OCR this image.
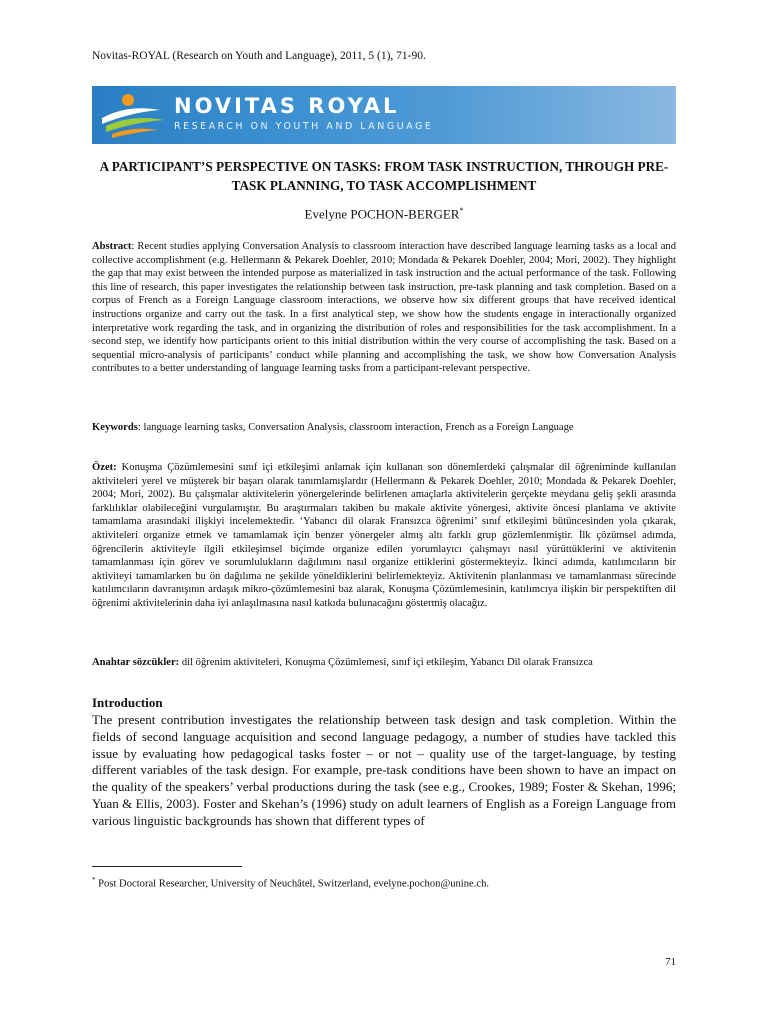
Novitas-ROYAL (Research on Youth and Language), 2011, 5 (1), 71-90.
NOVITAS ROYAL
RESEARCH ON YOUTH AND LANGUAGE
A PARTICIPANT’S PERSPECTIVE ON TASKS: FROM TASK INSTRUCTION, THROUGH PRE-TASK PLANNING, TO TASK ACCOMPLISHMENT
Evelyne POCHON-BERGER*
Abstract: Recent studies applying Conversation Analysis to classroom interaction have described language learning tasks as a local and collective accomplishment (e.g. Hellermann & Pekarek Doehler, 2010; Mondada & Pekarek Doehler, 2004; Mori, 2002). They highlight the gap that may exist between the intended purpose as materialized in task instruction and the actual performance of the task. Following this line of research, this paper investigates the relationship between task instruction, pre-task planning and task completion. Based on a corpus of French as a Foreign Language classroom interactions, we observe how six different groups that have received identical instructions organize and carry out the task. In a first analytical step, we show how the students engage in interactionally organized interpretative work regarding the task, and in organizing the distribution of roles and responsibilities for the task accomplishment. In a second step, we identify how participants orient to this initial distribution within the very course of accomplishing the task. Based on a sequential micro-analysis of participants’ conduct while planning and accomplishing the task, we show how Conversation Analysis contributes to a better understanding of language learning tasks from a participant-relevant perspective.
Keywords: language learning tasks, Conversation Analysis, classroom interaction, French as a Foreign Language
Özet: Konuşma Çözümlemesini sınıf içi etkileşimi anlamak için kullanan son dönemlerdeki çalışmalar dil öğreniminde kullanılan aktiviteleri yerel ve müşterek bir başarı olarak tanımlamışlardır (Hellermann & Pekarek Doehler, 2010; Mondada & Pekarek Doehler, 2004; Mori, 2002). Bu çalışmalar aktivitelerin yönergelerinde belirlenen amaçlarla aktivitelerin gerçekte meydana geliş şekli arasında farklılıklar olabileceğini vurgulamıştır. Bu araştırmaları takiben bu makale aktivite yönergesi, aktivite öncesi planlama ve aktivite tamamlama arasındaki ilişkiyi incelemektedir. ‘Yabancı dil olarak Fransızca öğrenimi’ sınıf etkileşimi bütüncesinden yola çıkarak, aktiviteleri organize etmek ve tamamlamak için benzer yönergeler almış altı farklı grup gözlemlenmiştir. İlk çözümsel adımda, öğrencilerin aktiviteyle ilgili etkileşimsel biçimde organize edilen yorumlayıcı çalışmayı nasıl yürüttüklerini ve aktivitenin tamamlanması için görev ve sorumlulukların dağılımını nasıl organize ettiklerini göstermekteyiz. İkinci adımda, katılımcıların bir aktiviteyi tamamlarken bu ön dağılıma ne şekilde yöneldiklerini belirlemekteyiz. Aktivitenin planlanması ve tamamlanması sürecinde katılımcıların davranışının ardaşık mikro-çözümlemesini baz alarak, Konuşma Çözümlemesinin, katılımcıya ilişkin bir perspektiften dil öğrenimi aktivitelerinin daha iyi anlaşılmasına nasıl katkıda bulunacağını göstermiş olacağız.
Anahtar sözcükler: dil öğrenim aktiviteleri, Konuşma Çözümlemesi, sınıf içi etkileşim, Yabancı Dil olarak Fransızca
Introduction
The present contribution investigates the relationship between task design and task completion. Within the fields of second language acquisition and second language pedagogy, a number of studies have tackled this issue by evaluating how pedagogical tasks foster – or not – quality use of the target-language, by testing different variables of the task design. For example, pre-task conditions have been shown to have an impact on the quality of the speakers’ verbal productions during the task (see e.g., Crookes, 1989; Foster & Skehan, 1996; Yuan & Ellis, 2003). Foster and Skehan’s (1996) study on adult learners of English as a Foreign Language from various linguistic backgrounds has shown that different types of
* Post Doctoral Researcher, University of Neuchâtel, Switzerland, evelyne.pochon@unine.ch.
71
